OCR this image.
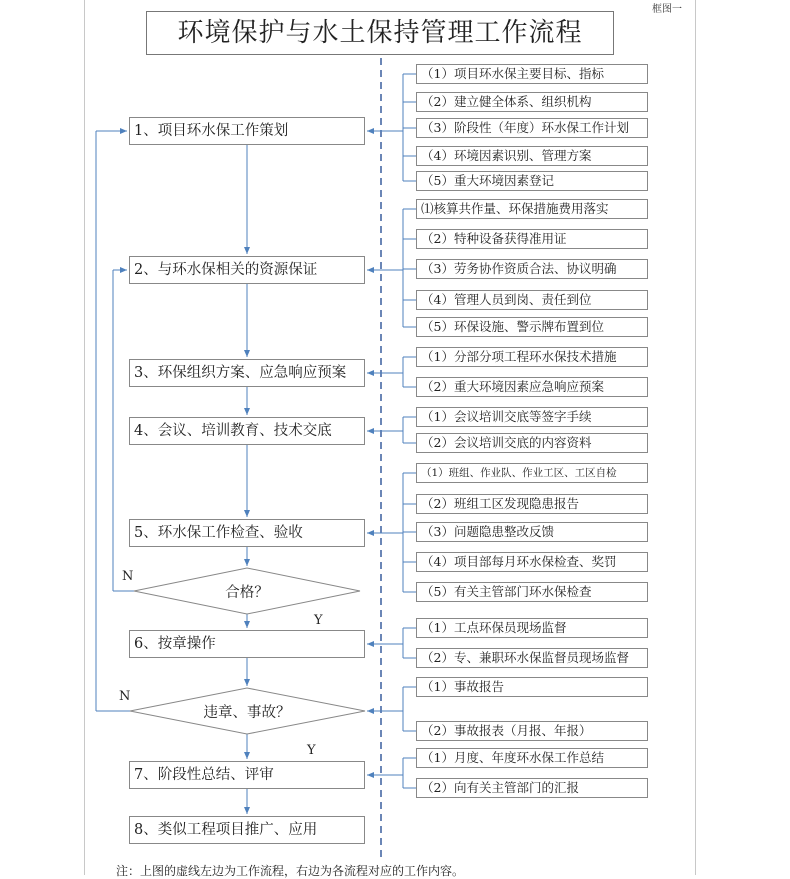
框图一
环境保护与水土保持管理工作流程
1、项目环水保工作策划
2、与环水保相关的资源保证
3、环保组织方案、应急响应预案
4、会议、培训教育、技术交底
5、环水保工作检查、验收
6、按章操作
7、阶段性总结、评审
8、类似工程项目推广、应用
合格？
违章、事故？
N
Y
N
Y
（1）项目环水保主要目标、指标
（2）建立健全体系、组织机构
（3）阶段性（年度）环水保工作计划
（4）环境因素识别、管理方案
（5）重大环境因素登记
⑴核算共作量、环保措施费用落实
（2）特种设备获得准用证
（3）劳务协作资质合法、协议明确
（4）管理人员到岗、责任到位
（5）环保设施、警示牌布置到位
（1）分部分项工程环水保技术措施
（2）重大环境因素应急响应预案
（1）会议培训交底等签字手续
（2）会议培训交底的内容资料
（1）班组、作业队、作业工区、工区自检
（2）班组工区发现隐患报告
（3）问题隐患整改反馈
（4）项目部每月环水保检查、奖罚
（5）有关主管部门环水保检查
（1）工点环保员现场监督
（2）专、兼职环水保监督员现场监督
（1）事故报告
（2）事故报表（月报、年报）
（1）月度、年度环水保工作总结
（2）向有关主管部门的汇报
注：上图的虚线左边为工作流程，右边为各流程对应的工作内容。
